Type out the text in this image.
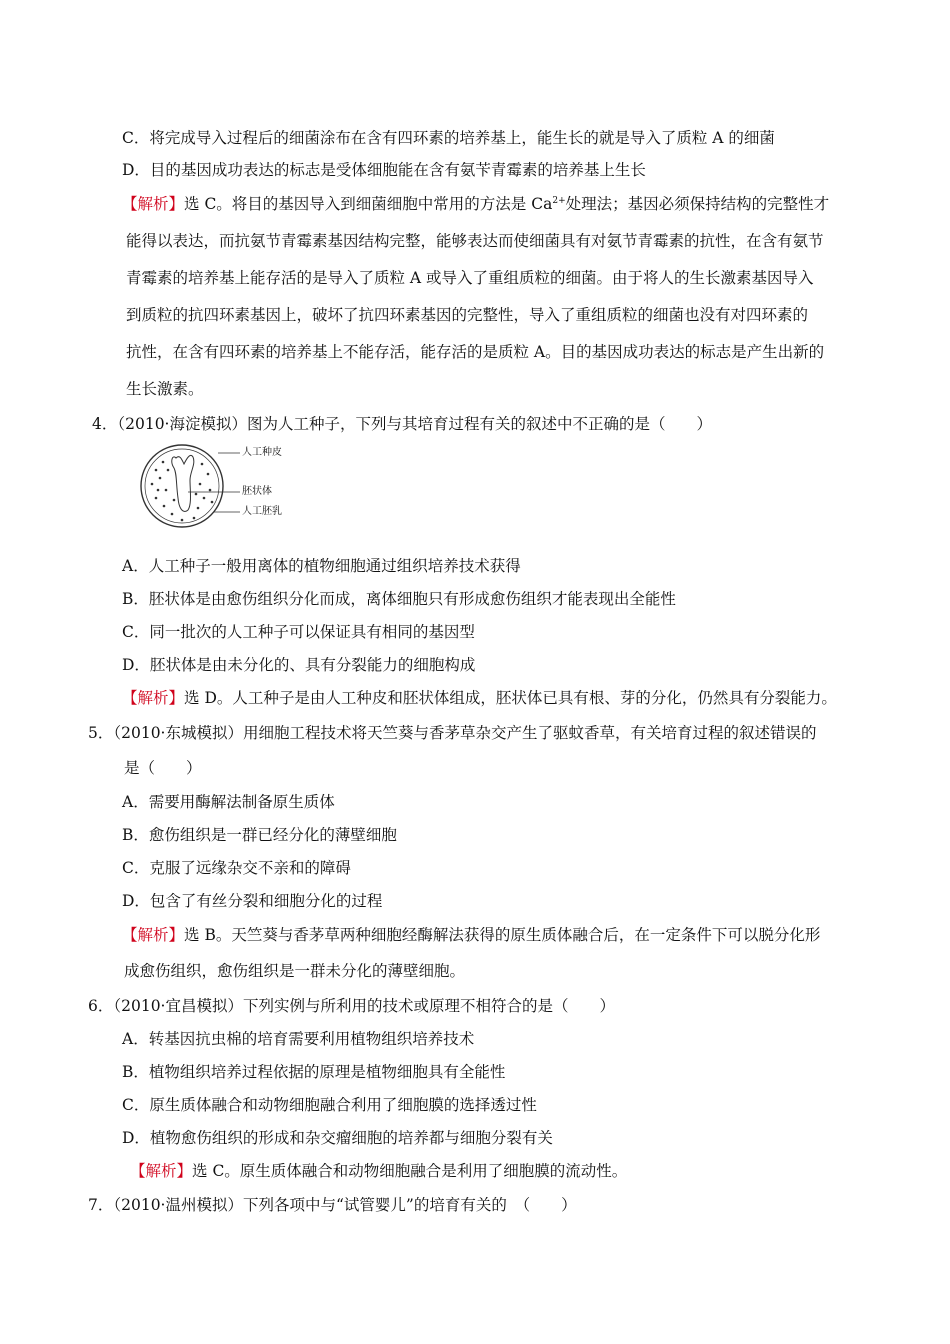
C．将完成导入过程后的细菌涂布在含有四环素的培养基上，能生长的就是导入了质粒 A 的细菌
D．目的基因成功表达的标志是受体细胞能在含有氨苄青霉素的培养基上生长
【解析】选 C。将目的基因导入到细菌细胞中常用的方法是 $Ca^{2+}$处理法；基因必须保持结构的完整性才
能得以表达，而抗氨节青霉素基因结构完整，能够表达而使细菌具有对氨节青霉素的抗性，在含有氨节
青霉素的培养基上能存活的是导入了质粒 A 或导入了重组质粒的细菌。由于将人的生长激素基因导入
到质粒的抗四环素基因上，破坏了抗四环素基因的完整性，导入了重组质粒的细菌也没有对四环素的
抗性，在含有四环素的培养基上不能存活，能存活的是质粒 A。目的基因成功表达的标志是产生出新的
生长激素。
4．（2010·海淀模拟）图为人工种子，下列与其培育过程有关的叙述中不正确的是（　　）
人工种皮
胚状体
人工胚乳
A．人工种子一般用离体的植物细胞通过组织培养技术获得
B．胚状体是由愈伤组织分化而成，离体细胞只有形成愈伤组织才能表现出全能性
C．同一批次的人工种子可以保证具有相同的基因型
D．胚状体是由未分化的、具有分裂能力的细胞构成
【解析】选 D。人工种子是由人工种皮和胚状体组成，胚状体已具有根、芽的分化，仍然具有分裂能力。
5．（2010·东城模拟）用细胞工程技术将天竺葵与香茅草杂交产生了驱蚊香草，有关培育过程的叙述错误的
是（　　）
A．需要用酶解法制备原生质体
B．愈伤组织是一群已经分化的薄壁细胞
C．克服了远缘杂交不亲和的障碍
D．包含了有丝分裂和细胞分化的过程
【解析】选 B。天竺葵与香茅草两种细胞经酶解法获得的原生质体融合后，在一定条件下可以脱分化形
成愈伤组织，愈伤组织是一群未分化的薄壁细胞。
6．（2010·宜昌模拟）下列实例与所利用的技术或原理不相符合的是（　　）
A．转基因抗虫棉的培育需要利用植物组织培养技术
B．植物组织培养过程依据的原理是植物细胞具有全能性
C．原生质体融合和动物细胞融合利用了细胞膜的选择透过性
D．植物愈伤组织的形成和杂交瘤细胞的培养都与细胞分裂有关
【解析】选 C。原生质体融合和动物细胞融合是利用了细胞膜的流动性。
7．（2010·温州模拟）下列各项中与“试管婴儿”的培育有关的　（　　）
